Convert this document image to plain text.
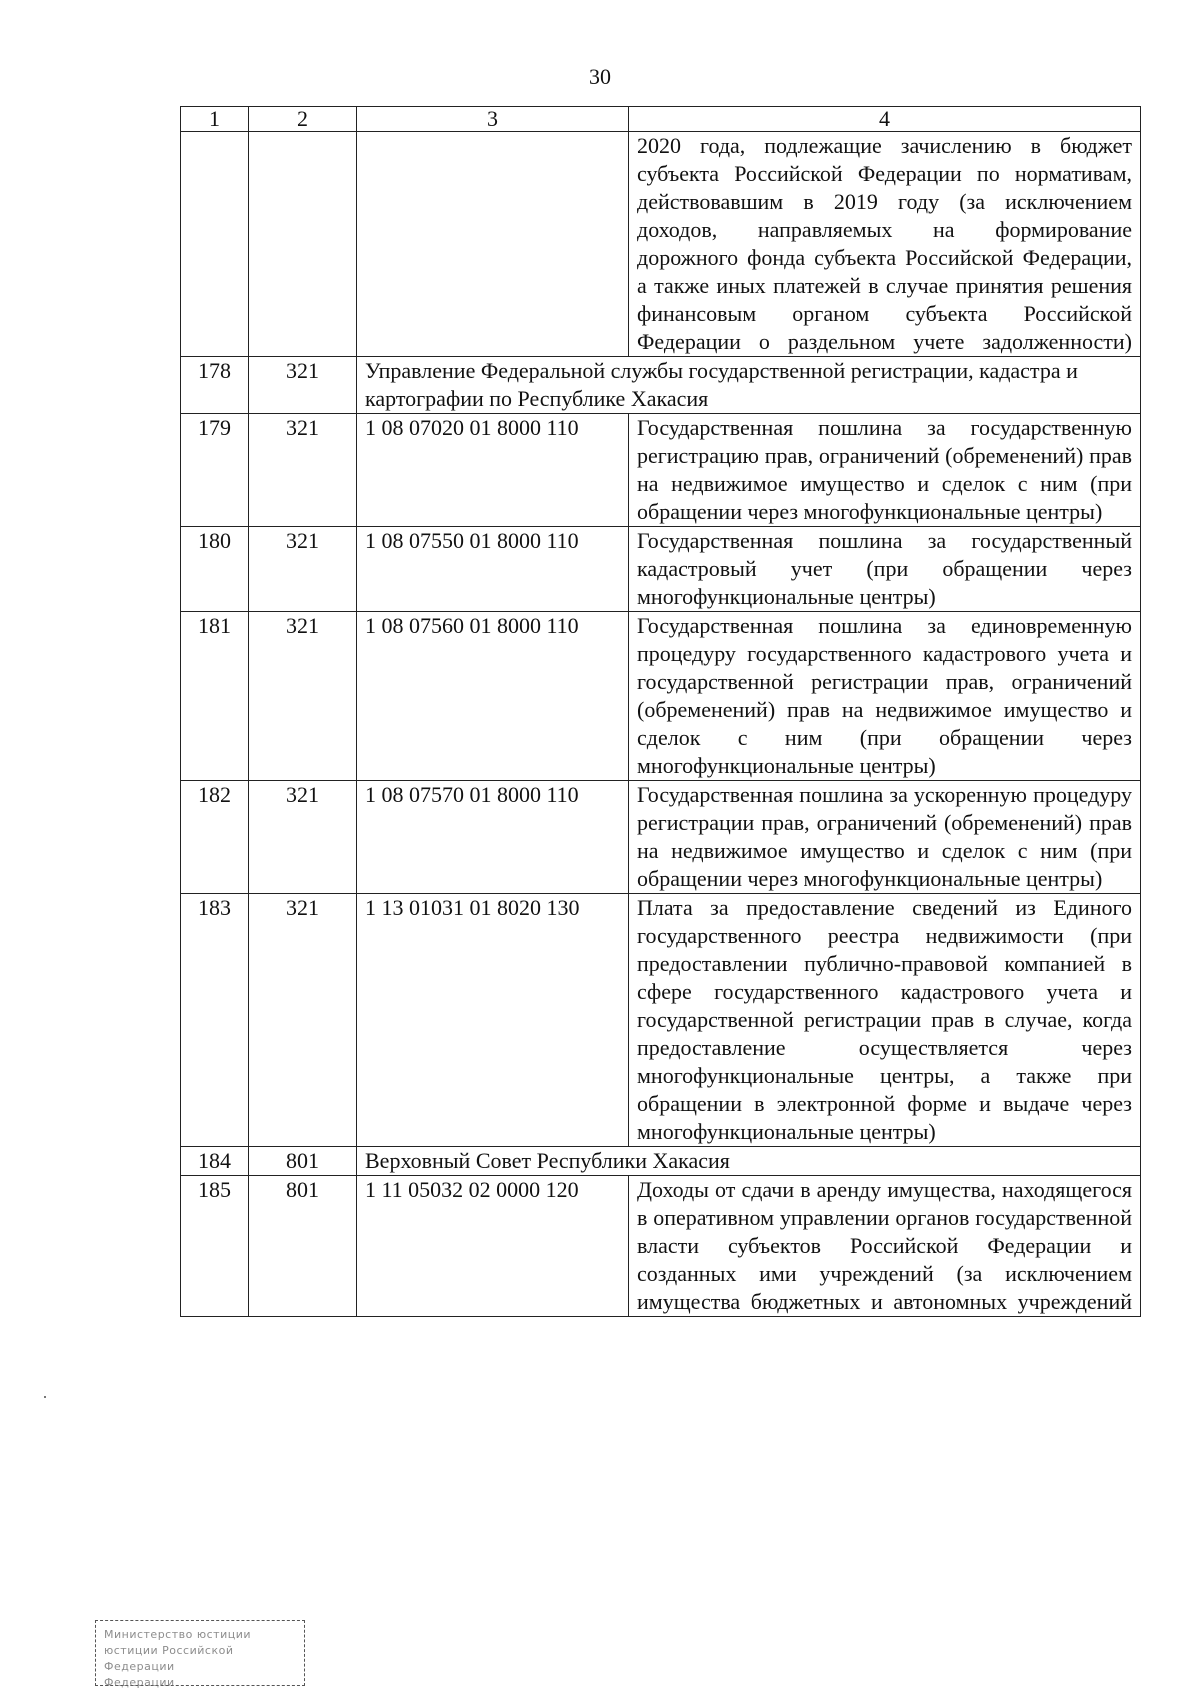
30
1	2	3	4
			2020 года, подлежащие зачислению в бюджет субъекта Российской Федерации по нормативам, действовавшим в 2019 году (за исключением доходов, направляемых на формирование дорожного фонда субъекта Российской Федерации, а также иных платежей в случае принятия решения финансовым органом субъекта Российской Федерации о раздельном учете задолженности)
178	321	Управление Федеральной службы государственной регистрации, кадастра и картографии по Республике Хакасия	
179	321	1 08 07020 01 8000 110	Государственная пошлина за государственную регистрацию прав, ограничений (обременений) прав на недвижимое имущество и сделок с ним (при обращении через многофункциональные центры)
180	321	1 08 07550 01 8000 110	Государственная пошлина за государственный кадастровый учет (при обращении через многофункциональные центры)
181	321	1 08 07560 01 8000 110	Государственная пошлина за единовременную процедуру государственного кадастрового учета и государственной регистрации прав, ограничений (обременений) прав на недвижимое имущество и сделок с ним (при обращении через многофункциональные центры)
182	321	1 08 07570 01 8000 110	Государственная пошлина за ускоренную процедуру регистрации прав, ограничений (обременений) прав на недвижимое имущество и сделок с ним (при обращении через многофункциональные центры)
183	321	1 13 01031 01 8020 130	Плата за предоставление сведений из Единого государственного реестра недвижимости (при предоставлении публично-правовой компанией в сфере государственного кадастрового учета и государственной регистрации прав в случае, когда предоставление осуществляется через многофункциональные центры, а также при обращении в электронной форме и выдаче через многофункциональные центры)
184	801	Верховный Совет Республики Хакасия	
185	801	1 11 05032 02 0000 120	Доходы от сдачи в аренду имущества, находящегося в оперативном управлении органов государственной власти субъектов Российской Федерации и созданных ими учреждений (за исключением имущества бюджетных и автономных учреждений
Министерство юстиции
юстиции Российской Федерации
Федерации
